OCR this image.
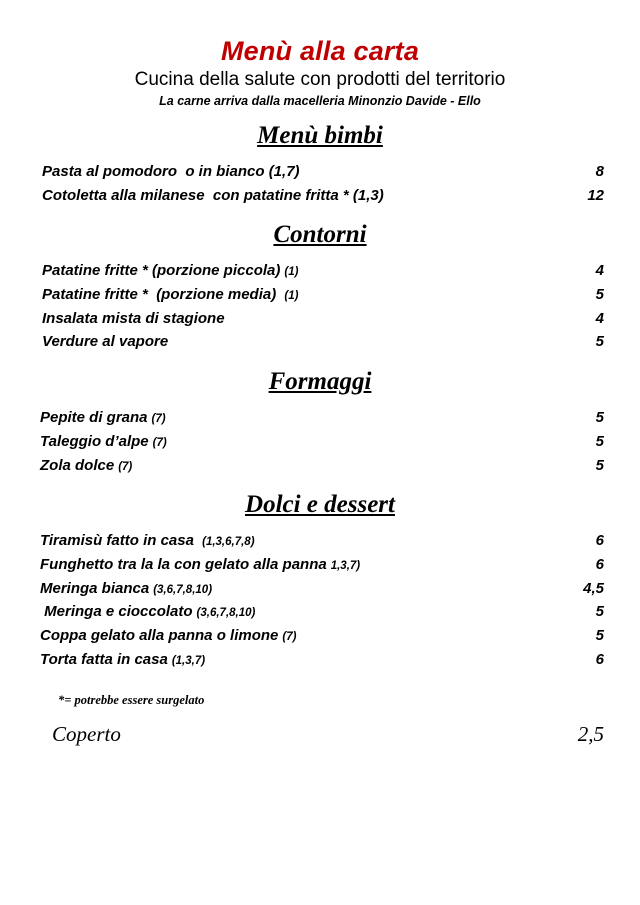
Menù alla carta
Cucina della salute con prodotti del territorio
La carne arriva dalla macelleria Minonzio Davide - Ello
Menù bimbi
Pasta al pomodoro  o in bianco (1,7)	8
Cotoletta alla milanese  con patatine fritta * (1,3)	12
Contorni
Patatine fritte * (porzione piccola) (1)	4
Patatine fritte *  (porzione media) (1)	5
Insalata mista di stagione	4
Verdure al vapore	5
Formaggi
Pepite di grana (7)	5
Taleggio d’alpe (7)	5
Zola dolce (7)	5
Dolci e dessert
Tiramisù fatto in casa (1,3,6,7,8)	6
Funghetto tra la la con gelato alla panna 1,3,7)	6
Meringa bianca (3,6,7,8,10)	4,5
Meringa e cioccolato (3,6,7,8,10)	5
Coppa gelato alla panna o limone (7)	5
Torta fatta in casa (1,3,7)	6
*= potrebbe essere surgelato
Coperto	2,5
